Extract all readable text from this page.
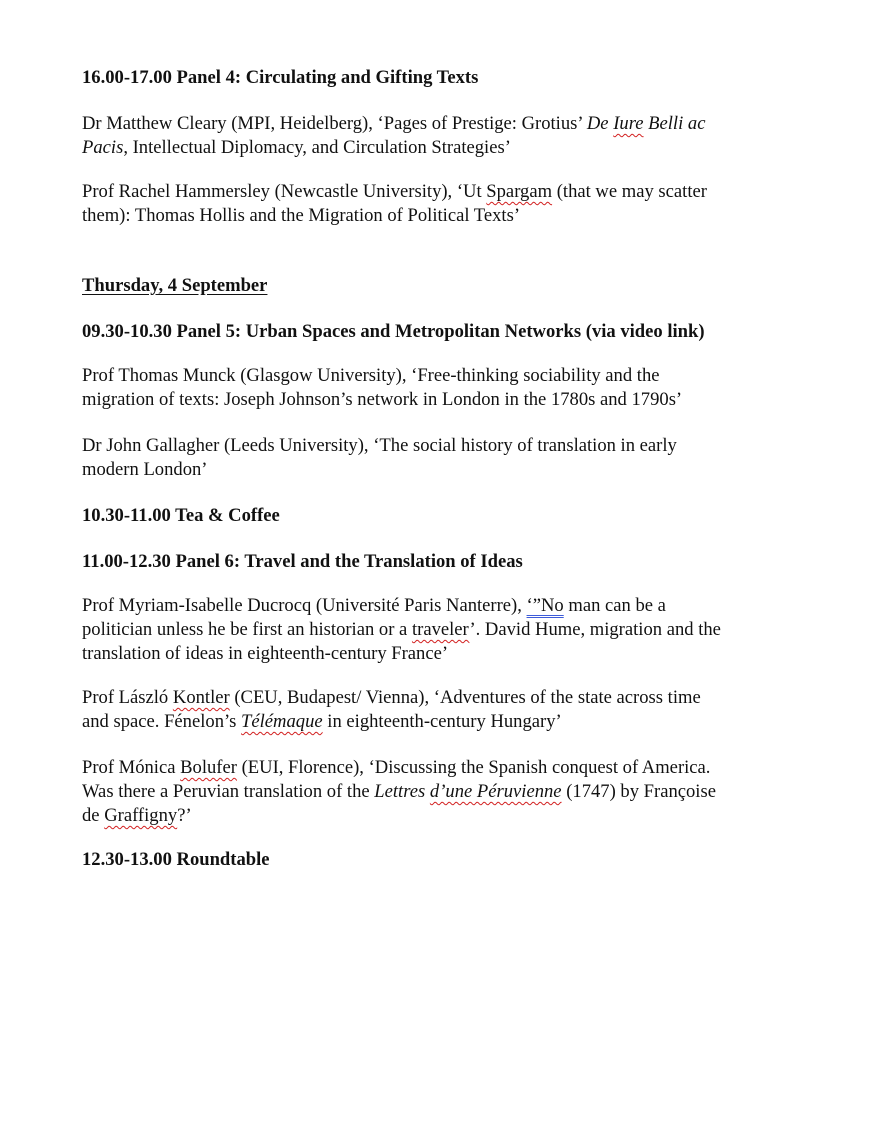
16.00-17.00 Panel 4: Circulating and Gifting Texts
Dr Matthew Cleary (MPI, Heidelberg), ‘Pages of Prestige: Grotius’ De Iure Belli ac
Pacis, Intellectual Diplomacy, and Circulation Strategies’
Prof Rachel Hammersley (Newcastle University), ‘Ut Spargam (that we may scatter
them): Thomas Hollis and the Migration of Political Texts’
Thursday, 4 September
09.30-10.30 Panel 5: Urban Spaces and Metropolitan Networks (via video link)
Prof Thomas Munck (Glasgow University), ‘Free-thinking sociability and the
migration of texts: Joseph Johnson’s network in London in the 1780s and 1790s’
Dr John Gallagher (Leeds University), ‘The social history of translation in early
modern London’
10.30-11.00 Tea & Coffee
11.00-12.30 Panel 6: Travel and the Translation of Ideas
Prof Myriam-Isabelle Ducrocq (Université Paris Nanterre), ‘”No man can be a
politician unless he be first an historian or a traveler’. David Hume, migration and the
translation of ideas in eighteenth-century France’
Prof László Kontler (CEU, Budapest/ Vienna), ‘Adventures of the state across time
and space. Fénelon’s Télémaque in eighteenth-century Hungary’
Prof Mónica Bolufer (EUI, Florence), ‘Discussing the Spanish conquest of America.
Was there a Peruvian translation of the Lettres d’une Péruvienne (1747) by Françoise
de Graffigny?’
12.30-13.00 Roundtable
